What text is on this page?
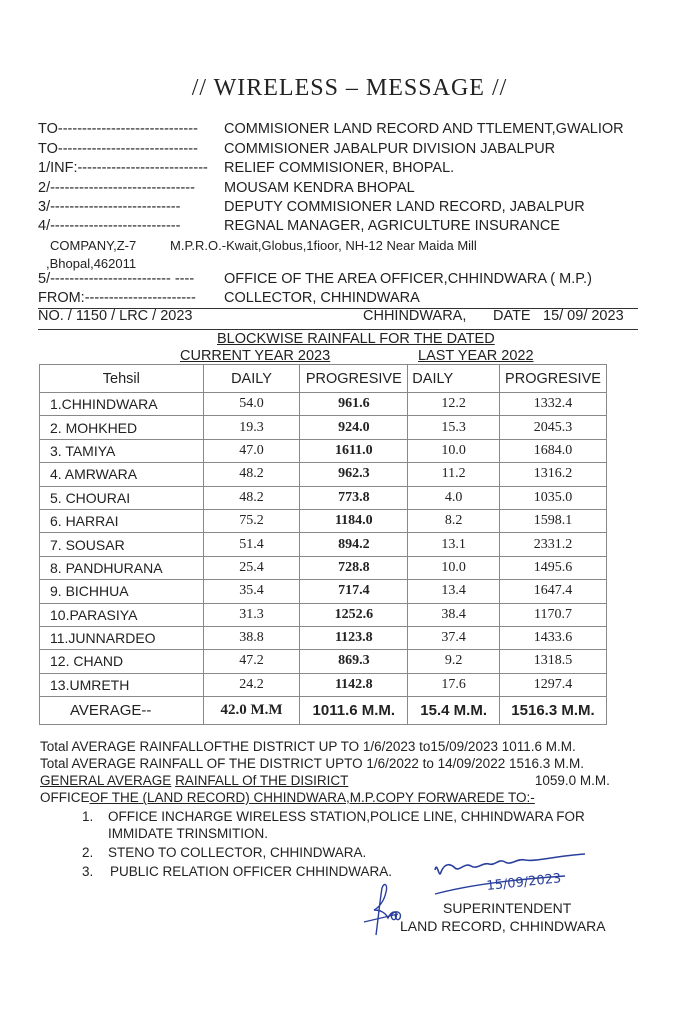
// WIRELESS – MESSAGE //
TO----------------------------- COMMISIONER LAND RECORD AND TTLEMENT,GWALIOR
TO----------------------------- COMMISIONER JABALPUR DIVISION JABALPUR
1/INF:--------------------------- RELIEF COMMISIONER, BHOPAL.
2/------------------------------ MOUSAM KENDRA BHOPAL
3/---------------------------	DEPUTY COMMISIONER LAND RECORD, JABALPUR
4/---------------------------	REGNAL MANAGER, AGRICULTURE INSURANCE
COMPANY,Z-7	M.P.R.O.-Kwait,Globus,1fioor, NH-12 Near Maida Mill
,Bhopal,462011
5/------------------------- ---- OFFICE OF THE AREA OFFICER,CHHINDWARA ( M.P.)
FROM:----------------------- COLLECTOR, CHHINDWARA
NO. / 1150 / LRC / 2023	CHHINDWARA, DATE 15/ 09/ 2023
BLOCKWISE RAINFALL FOR THE DATED
CURRENT YEAR 2023	LAST YEAR 2022
Tehsil	DAILY	PROGRESIVE	DAILY	PROGRESIVE
1.CHHINDWARA	54.0	961.6	12.2	1332.4
2. MOHKHED	19.3	924.0	15.3	2045.3
3. TAMIYA	47.0	1611.0	10.0	1684.0
4. AMRWARA	48.2	962.3	11.2	1316.2
5. CHOURAI	48.2	773.8	4.0	1035.0
6. HARRAI	75.2	1184.0	8.2	1598.1
7. SOUSAR	51.4	894.2	13.1	2331.2
8. PANDHURANA	25.4	728.8	10.0	1495.6
9. BICHHUA	35.4	717.4	13.4	1647.4
10.PARASIYA	31.3	1252.6	38.4	1170.7
11.JUNNARDEO	38.8	1123.8	37.4	1433.6
12. CHAND	47.2	869.3	9.2	1318.5
13.UMRETH	24.2	1142.8	17.6	1297.4
AVERAGE--	42.0 M.M	1011.6 M.M.	15.4 M.M.	1516.3 M.M.
Total AVERAGE RAINFALLOFTHE DISTRICT UP TO 1/6/2023 to15/09/2023 1011.6 M.M.
Total AVERAGE RAINFALL OF THE DISTRICT UPTO 1/6/2022 to 14/09/2022 1516.3 M.M.
GENERAL AVERAGE RAINFALL Of THE DISIRICT	1059.0 M.M.
OFFICEOF THE (LAND RECORD) CHHINDWARA,M.P.COPY FORWAREDE TO:-
1. OFFICE INCHARGE WIRELESS STATION,POLICE LINE, CHHINDWARA FOR
IMMIDATE TRINSMITION.
2. STENO TO COLLECTOR, CHHINDWARA.
3. PUBLIC RELATION OFFICER CHHINDWARA.	15/09/2023
SUPERINTENDENT
LAND RECORD, CHHINDWARA
